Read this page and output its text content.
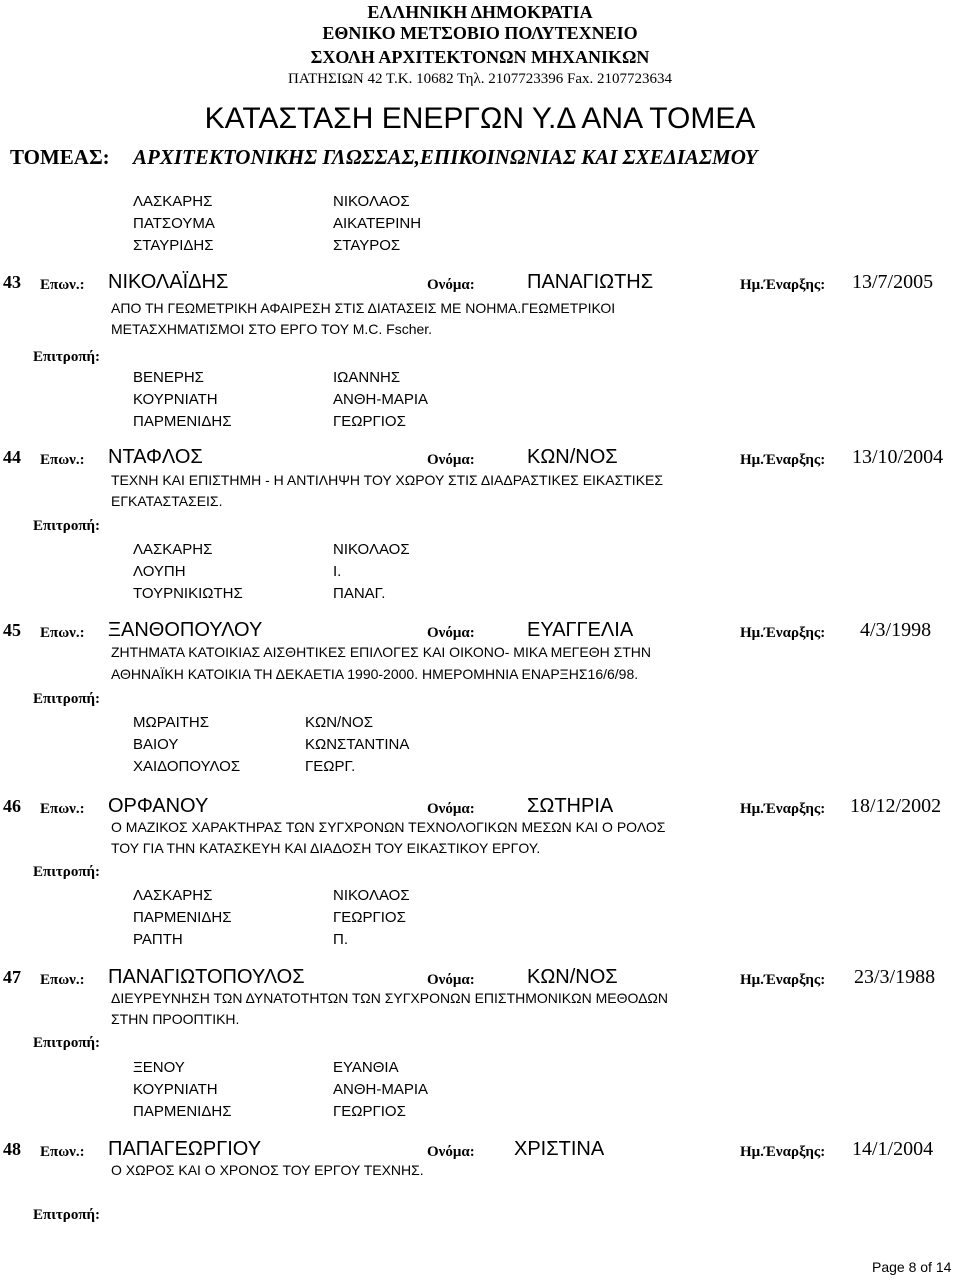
ΕΛΛΗΝΙΚΗ ΔΗΜΟΚΡΑΤΙΑ
ΕΘΝΙΚΟ ΜΕΤΣΟΒΙΟ ΠΟΛΥΤΕΧΝΕΙΟ
ΣΧΟΛΗ ΑΡΧΙΤΕΚΤΟΝΩΝ ΜΗΧΑΝΙΚΩΝ
ΠΑΤΗΣΙΩΝ 42 Τ.Κ. 10682 Τηλ. 2107723396 Fax. 2107723634
ΚΑΤΑΣΤΑΣΗ ΕΝΕΡΓΩΝ Υ.Δ ΑΝΑ ΤΟΜΕΑ
ΤΟΜΕΑΣ: ΑΡΧΙΤΕΚΤΟΝΙΚΗΣ ΓΛΩΣΣΑΣ,ΕΠΙΚΟΙΝΩΝΙΑΣ ΚΑΙ ΣΧΕΔΙΑΣΜΟΥ
ΛΑΣΚΑΡΗΣ	ΝΙΚΟΛΑΟΣ
ΠΑΤΣΟΥΜΑ	ΑΙΚΑΤΕΡΙΝΗ
ΣΤΑΥΡΙΔΗΣ	ΣΤΑΥΡΟΣ
43 Επων.: ΝΙΚΟΛΑΪΔΗΣ	Ονόμα:	ΠΑΝΑΓΙΩΤΗΣ	Ημ.Έναρξης: 13/7/2005
ΑΠΟ ΤΗ ΓΕΩΜΕΤΡΙΚΗ ΑΦΑΙΡΕΣΗ ΣΤΙΣ ΔΙΑΤΑΣΕΙΣ ΜΕ ΝΟΗΜΑ.ΓΕΩΜΕΤΡΙΚΟΙ
ΜΕΤΑΣΧΗΜΑΤΙΣΜΟΙ ΣΤΟ ΕΡΓΟ ΤΟΥ M.C. Fscher.
Επιτροπή:
ΒΕΝΕΡΗΣ	ΙΩΑΝΝΗΣ
ΚΟΥΡΝΙΑΤΗ	ΑΝΘΗ-ΜΑΡΙΑ
ΠΑΡΜΕΝΙΔΗΣ	ΓΕΩΡΓΙΟΣ
44 Επων.: ΝΤΑΦΛΟΣ	Ονόμα:	ΚΩΝ/ΝΟΣ	Ημ.Έναρξης: 13/10/2004
ΤΕΧΝΗ ΚΑΙ ΕΠΙΣΤΗΜΗ - Η ΑΝΤΙΛΗΨΗ ΤΟΥ ΧΩΡΟΥ ΣΤΙΣ ΔΙΑΔΡΑΣΤΙΚΕΣ ΕΙΚΑΣΤΙΚΕΣ
ΕΓΚΑΤΑΣΤΑΣΕΙΣ.
Επιτροπή:
ΛΑΣΚΑΡΗΣ	ΝΙΚΟΛΑΟΣ
ΛΟΥΠΗ	Ι.
ΤΟΥΡΝΙΚΙΩΤΗΣ	ΠΑΝΑΓ.
45 Επων.: ΞΑΝΘΟΠΟΥΛΟΥ	Ονόμα:	ΕΥΑΓΓΕΛΙΑ	Ημ.Έναρξης: 4/3/1998
ΖΗΤΗΜΑΤΑ ΚΑΤΟΙΚΙΑΣ ΑΙΣΘΗΤΙΚΕΣ ΕΠΙΛΟΓΕΣ ΚΑΙ ΟΙΚΟΝΟ- ΜΙΚΑ ΜΕΓΕΘΗ ΣΤΗΝ
ΑΘΗΝΑΪΚΗ ΚΑΤΟΙΚΙΑ ΤΗ ΔΕΚΑΕΤΙΑ 1990-2000. ΗΜΕΡΟΜΗΝΙΑ ΕΝΑΡΞΗΣ16/6/98.
Επιτροπή:
ΜΩΡΑΙΤΗΣ	ΚΩΝ/ΝΟΣ
ΒΑΙΟΥ	ΚΩΝΣΤΑΝΤΙΝΑ
ΧΑΙΔΟΠΟΥΛΟΣ	ΓΕΩΡΓ.
46 Επων.: ΟΡΦΑΝΟΥ	Ονόμα:	ΣΩΤΗΡΙΑ	Ημ.Έναρξης: 18/12/2002
Ο ΜΑΖΙΚΟΣ ΧΑΡΑΚΤΗΡΑΣ ΤΩΝ ΣΥΓΧΡΟΝΩΝ ΤΕΧΝΟΛΟΓΙΚΩΝ ΜΕΣΩΝ ΚΑΙ Ο ΡΟΛΟΣ
ΤΟΥ ΓΙΑ ΤΗΝ ΚΑΤΑΣΚΕΥΗ ΚΑΙ ΔΙΑΔΟΣΗ ΤΟΥ ΕΙΚΑΣΤΙΚΟΥ ΕΡΓΟΥ.
Επιτροπή:
ΛΑΣΚΑΡΗΣ	ΝΙΚΟΛΑΟΣ
ΠΑΡΜΕΝΙΔΗΣ	ΓΕΩΡΓΙΟΣ
ΡΑΠΤΗ	Π.
47 Επων.: ΠΑΝΑΓΙΩΤΟΠΟΥΛΟΣ	Ονόμα:	ΚΩΝ/ΝΟΣ	Ημ.Έναρξης: 23/3/1988
ΔΙΕΥΡΕΥΝΗΣΗ ΤΩΝ ΔΥΝΑΤΟΤΗΤΩΝ ΤΩΝ ΣΥΓΧΡΟΝΩΝ ΕΠΙΣΤΗΜΟΝΙΚΩΝ ΜΕΘΟΔΩΝ
ΣΤΗΝ ΠΡΟΟΠΤΙΚΗ.
Επιτροπή:
ΞΕΝΟΥ	ΕΥΑΝΘΙΑ
ΚΟΥΡΝΙΑΤΗ	ΑΝΘΗ-ΜΑΡΙΑ
ΠΑΡΜΕΝΙΔΗΣ	ΓΕΩΡΓΙΟΣ
48 Επων.: ΠΑΠΑΓΕΩΡΓΙΟΥ	Ονόμα: ΧΡΙΣΤΙΝΑ	Ημ.Έναρξης: 14/1/2004
Ο ΧΩΡΟΣ ΚΑΙ Ο ΧΡΟΝΟΣ ΤΟΥ ΕΡΓΟΥ ΤΕΧΝΗΣ.
Επιτροπή:
Page 8 of 14
